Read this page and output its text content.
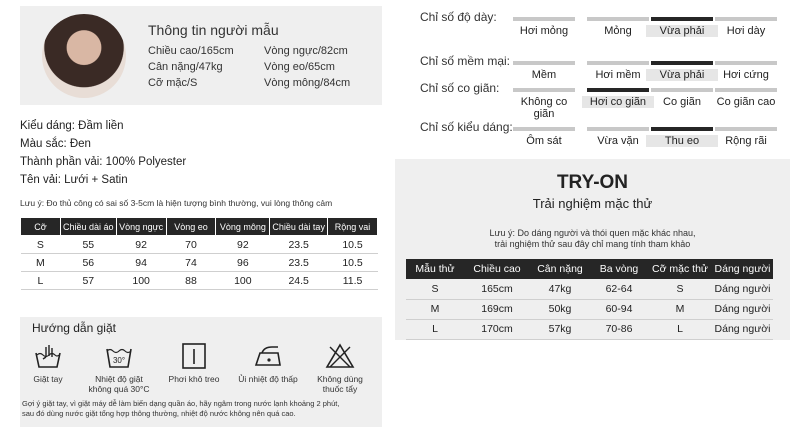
Thông tin người mẫu
Chiều cao/165cm
Cân nặng/47kg
Cỡ mặc/S
Vòng ngực/82cm
Vòng eo/65cm
Vòng mông/84cm
Kiểu dáng: Đầm liền
Màu sắc: Đen
Thành phần vải: 100% Polyester
Tên vải: Lưới + Satin
Lưu ý: Đo thủ công có sai số 3-5cm là hiện tượng bình thường, vui lòng thông cảm
Cỡ	Chiều dài áo	Vòng ngực	Vòng eo	Vòng mông	Chiều dài tay	Rộng vai
S	55	92	70	92	23.5	10.5
M	56	94	74	96	23.5	10.5
L	57	100	88	100	24.5	11.5
Hướng dẫn giặt
Giặt tay
30°
Nhiệt độ giặt
không quá 30°C
Phơi khô treo	Ủi nhiệt độ thấp	Không dùng
thuốc tẩy
Gợi ý giặt tay, vì giặt máy dễ làm biến dạng quần áo, hãy ngâm trong nước lạnh khoảng 2 phút,
sau đó dùng nước giặt tổng hợp thông thường, nhiệt độ nước không nên quá cao.
Chỉ số độ dày:
Hơi mỏng	Mỏng	Vừa phải	Hơi dày
Chỉ số mềm mại:
Mềm	Hơi mềm	Vừa phải	Hơi cứng
Chỉ số co giãn:
Không co giãn
Hơi co giãn	Co giãn	Co giãn cao
Chỉ số kiểu dáng:
Ôm sát	Vừa vặn	Thu eo	Rộng rãi
TRY-ON
Trải nghiệm mặc thử
Lưu ý: Do dáng người và thói quen mặc khác nhau,
trải nghiệm thử sau đây chỉ mang tính tham khảo
Mẫu thử	Chiều cao	Cân nặng	Ba vòng	Cỡ mặc thử	Dáng người
S	165cm	47kg	62-64	S	Dáng người
M	169cm	50kg	60-94	M	Dáng người
L	170cm	57kg	70-86	L	Dáng người
